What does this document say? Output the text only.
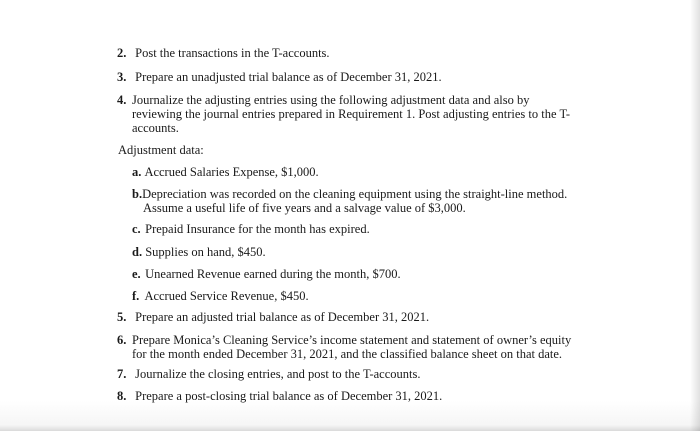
2. Post the transactions in the T-accounts.
3. Prepare an unadjusted trial balance as of December 31, 2021.
4. Journalize the adjusting entries using the following adjustment data and also by
reviewing the journal entries prepared in Requirement 1. Post adjusting entries to the T-
accounts.
Adjustment data:
a. Accrued Salaries Expense, $1,000.
b.Depreciation was recorded on the cleaning equipment using the straight-line method.
Assume a useful life of five years and a salvage value of $3,000.
c. Prepaid Insurance for the month has expired.
d. Supplies on hand, $450.
e. Unearned Revenue earned during the month, $700.
f. Accrued Service Revenue, $450.
5. Prepare an adjusted trial balance as of December 31, 2021.
6. Prepare Monica’s Cleaning Service’s income statement and statement of owner’s equity
for the month ended December 31, 2021, and the classified balance sheet on that date.
7. Journalize the closing entries, and post to the T-accounts.
8. Prepare a post-closing trial balance as of December 31, 2021.
